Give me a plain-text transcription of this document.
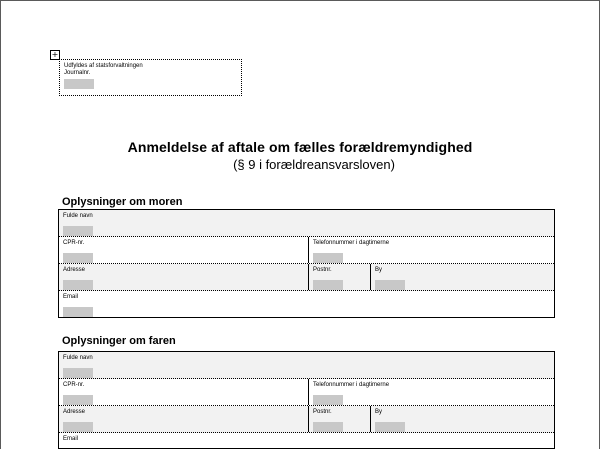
+
Udfyldes af statsforvaltningen
Journalnr.
Anmeldelse af aftale om fælles forældremyndighed
(§ 9 i forældreansvarsloven)
Oplysninger om moren
Fulde navn
CPR-nr.	Telefonnummer i dagtimerne
Adresse	Postnr.	By
Email
Oplysninger om faren
Fulde navn
CPR-nr.	Telefonnummer i dagtimerne
Adresse	Postnr.	By
Email
